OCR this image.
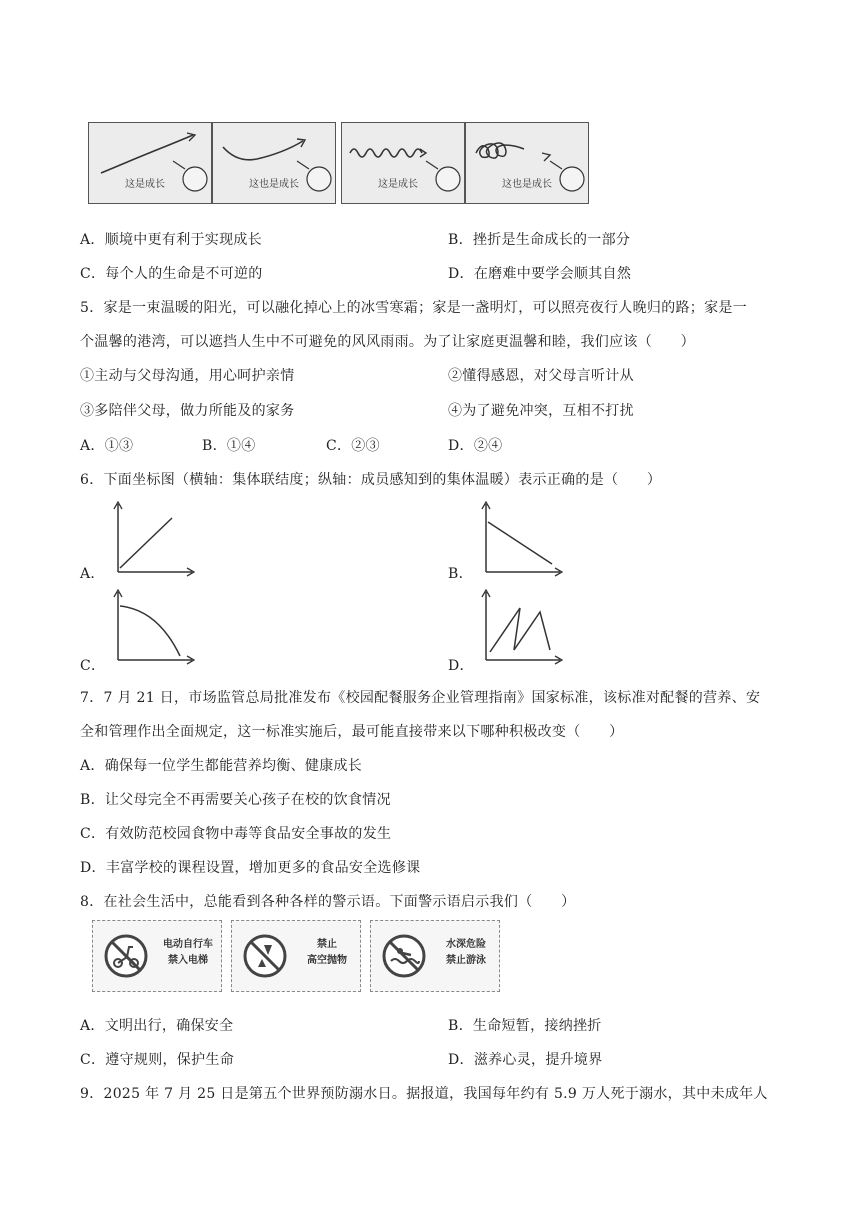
这是成长	这也是成长	这是成长	这也是成长
A．顺境中更有利于实现成长	B．挫折是生命成长的一部分
C．每个人的生命是不可逆的	D．在磨难中要学会顺其自然
5．家是一束温暖的阳光，可以融化掉心上的冰雪寒霜；家是一盏明灯，可以照亮夜行人晚归的路；家是一
个温馨的港湾，可以遮挡人生中不可避免的风风雨雨。为了让家庭更温馨和睦，我们应该（　　）
①主动与父母沟通，用心呵护亲情	②懂得感恩，对父母言听计从
③多陪伴父母，做力所能及的家务	④为了避免冲突，互相不打扰
A．①③	B．①④	C．②③	D．②④
6．下面坐标图（横轴：集体联结度；纵轴：成员感知到的集体温暖）表示正确的是（　　）
A．	B．
C．	D．
7．7 月 21 日，市场监管总局批准发布《校园配餐服务企业管理指南》国家标准，该标准对配餐的营养、安
全和管理作出全面规定，这一标准实施后，最可能直接带来以下哪种积极改变（　　）
A．确保每一位学生都能营养均衡、健康成长
B．让父母完全不再需要关心孩子在校的饮食情况
C．有效防范校园食物中毒等食品安全事故的发生
D．丰富学校的课程设置，增加更多的食品安全选修课
8．在社会生活中，总能看到各种各样的警示语。下面警示语启示我们（　　）
电动自行车
禁入电梯
禁止
高空抛物
水深危险
禁止游泳
A．文明出行，确保安全	B．生命短暂，接纳挫折
C．遵守规则，保护生命	D．滋养心灵，提升境界
9．2025 年 7 月 25 日是第五个世界预防溺水日。据报道，我国每年约有 5.9 万人死于溺水，其中未成年人
